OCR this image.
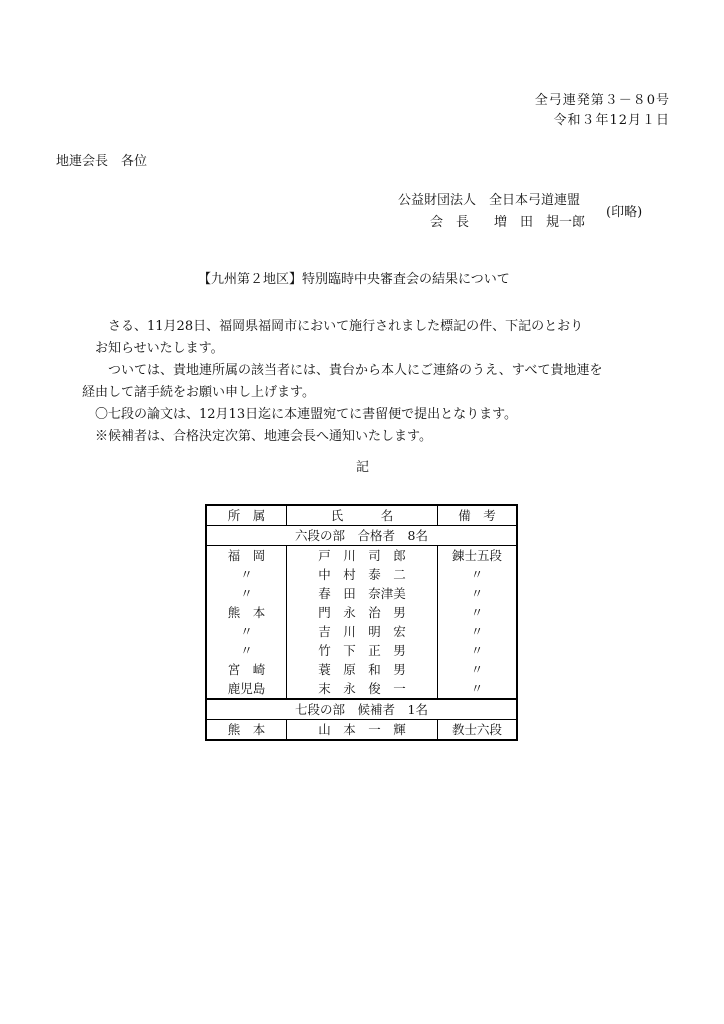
全弓連発第３－８0号
令和３年12月１日
地連会長　各位
公益財団法人　全日本弓道連盟
会　長	増　田　規一郎
(印略)
【九州第２地区】特別臨時中央審査会の結果について

さる、11月28日、福岡県福岡市において施行されました標記の件、下記のとおり

お知らせいたします。

ついては、貴地連所属の該当者には、貴台から本人にご連絡のうえ、すべて貴地連を

経由して諸手続をお願い申し上げます。

〇七段の論文は、12月13日迄に本連盟宛てに書留便で提出となります。

※候補者は、合格決定次第、地連会長へ通知いたします。

記
所　属	氏　　　名	備　考
六段の部　合格者　8名		
福　岡	戸　川　司　郎	錬士五段
〃	中　村　泰　二	〃
〃	春　田　奈津美	〃
熊　本	門　永　治　男	〃
〃	吉　川　明　宏	〃
〃	竹　下　正　男	〃
宮　崎	蓑　原　和　男	〃
鹿児島	末　永　俊　一	〃
七段の部　候補者　1名		
熊　本	山　本　一　輝	教士六段
